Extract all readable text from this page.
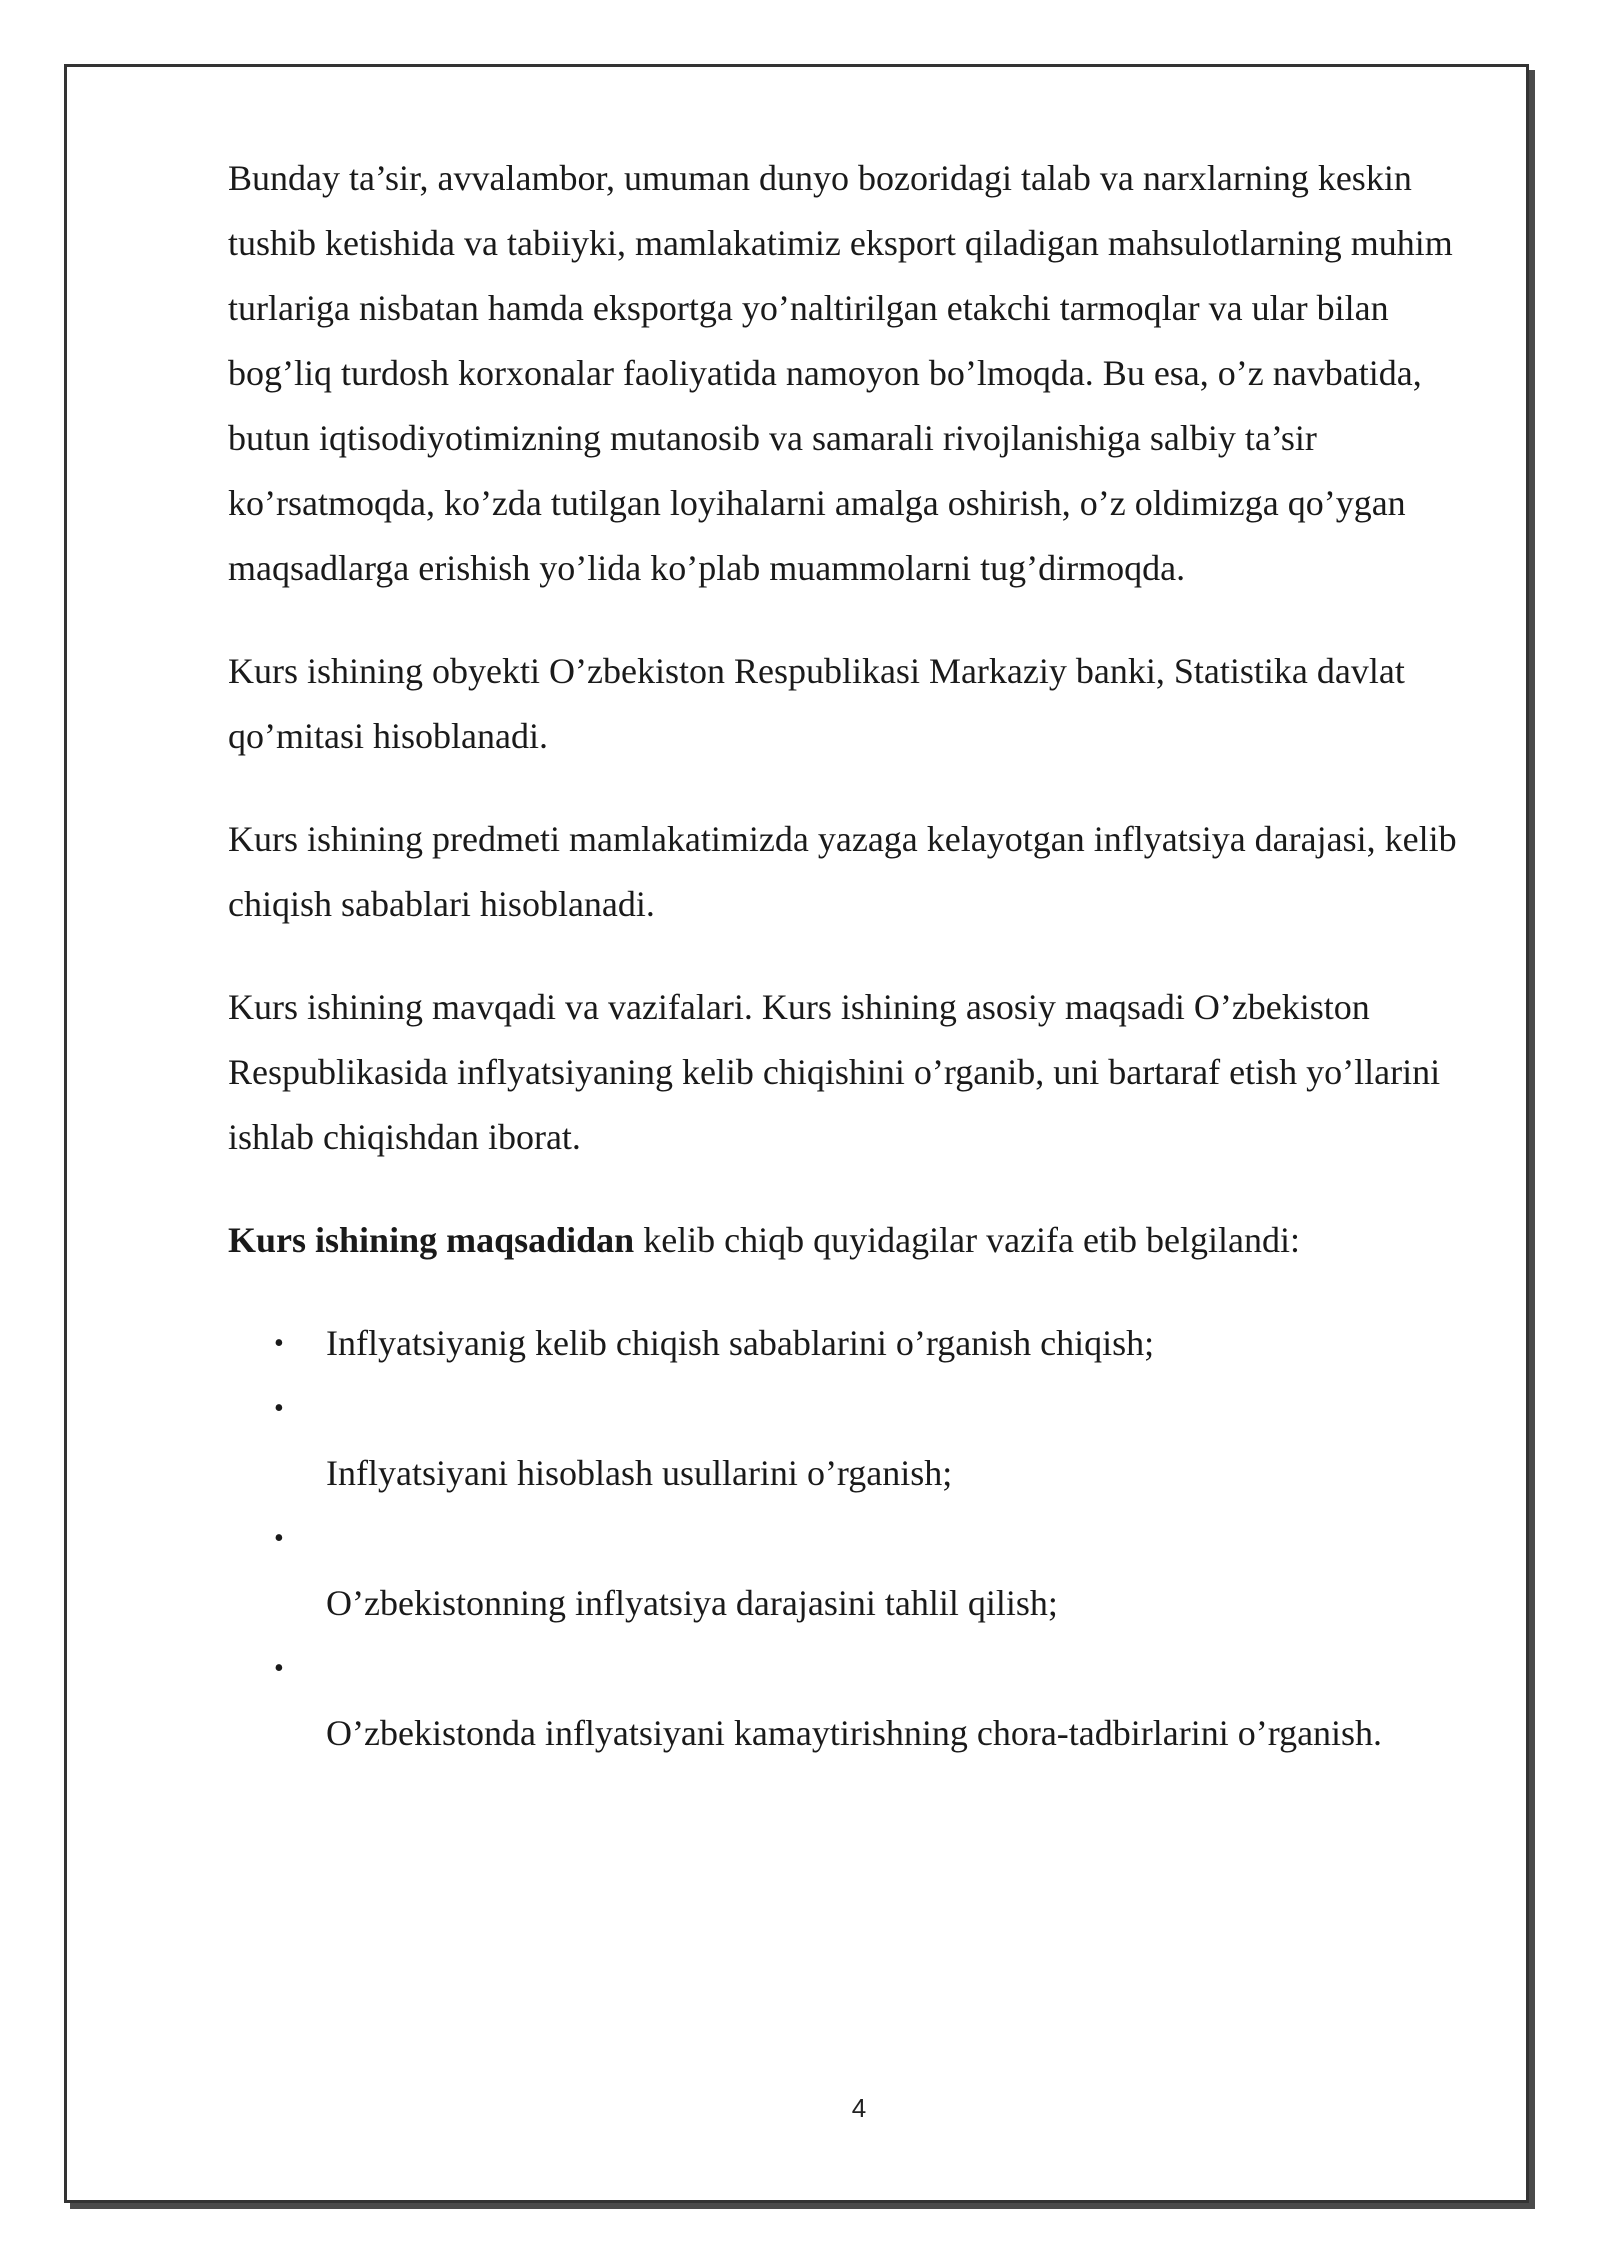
Bunday ta’sir, avvalambor, umuman dunyo bozoridagi talab va narxlarning keskin tushib ketishida va tabiiyki, mamlakatimiz eksport qiladigan mahsulotlarning muhim turlariga nisbatan hamda eksportga yo’naltirilgan etakchi tarmoqlar va ular bilan bog’liq turdosh korxonalar faoliyatida namoyon bo’lmoqda. Bu esa, o’z navbatida, butun iqtisodiyotimizning mutanosib va samarali rivojlanishiga salbiy ta’sir ko’rsatmoqda, ko’zda tutilgan loyihalarni amalga oshirish, o’z oldimizga qo’ygan maqsadlarga erishish yo’lida ko’plab muammolarni tug’dirmoqda.

Kurs ishining obyekti O’zbekiston Respublikasi Markaziy banki, Statistika davlat qo’mitasi hisoblanadi.

Kurs ishining predmeti mamlakatimizda yazaga kelayotgan inflyatsiya darajasi, kelib chiqish sabablari hisoblanadi.

Kurs ishining mavqadi va vazifalari. Kurs ishining asosiy maqsadi O’zbekiston Respublikasida inflyatsiyaning kelib chiqishini o’rganib, uni bartaraf etish yo’llarini ishlab chiqishdan iborat.

Kurs ishining maqsadidan kelib chiqb quyidagilar vazifa etib belgilandi:

• Inflyatsiyanig kelib chiqish sabablarini o’rganish chiqish;
•
Inflyatsiyani hisoblash usullarini o’rganish;
•
O’zbekistonning inflyatsiya darajasini tahlil qilish;
•
O’zbekistonda inflyatsiyani kamaytirishning chora-tadbirlarini o’rganish.
4
